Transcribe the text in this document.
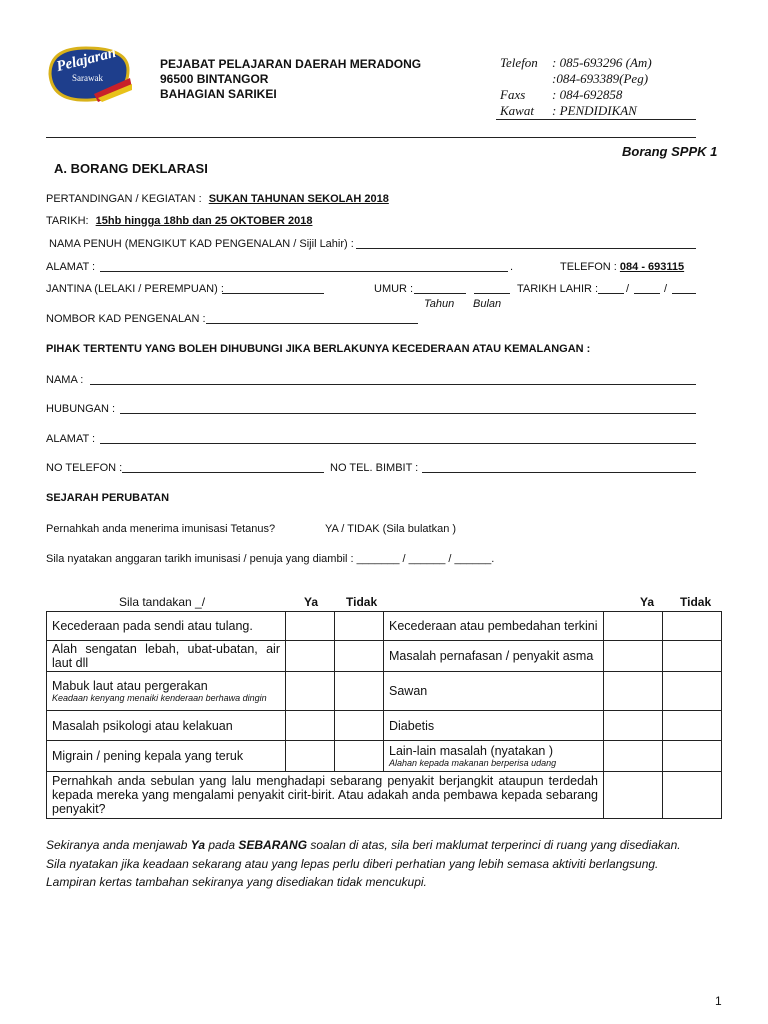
Pelajaran
Sarawak
PEJABAT PELAJARAN DAERAH MERADONG
96500 BINTANGOR
BAHAGIAN SARIKEI
Telefon : 085-693296 (Am)
:084-693389(Peg)
Faxs : 084-692858
Kawat : PENDIDIKAN
Borang SPPK 1
A. BORANG DEKLARASI
PERTANDINGAN / KEGIATAN : SUKAN TAHUNAN SEKOLAH 2018
TARIKH: 15hb hingga 18hb dan 25 OKTOBER 2018
NAMA PENUH (MENGIKUT KAD PENGENALAN / Sijil Lahir) :
ALAMAT :	.	TELEFON : 084 - 693115
JANTINA (LELAKI / PEREMPUAN) :	UMUR :	TARIKH LAHIR :	/	/
Tahun Bulan
NOMBOR KAD PENGENALAN :
PIHAK TERTENTU YANG BOLEH DIHUBUNGI JIKA BERLAKUNYA KECEDERAAN ATAU KEMALANGAN :
NAMA :
HUBUNGAN :
ALAMAT :
NO TELEFON :	NO TEL. BIMBIT :
SEJARAH PERUBATAN
Pernahkah anda menerima imunisasi Tetanus?	YA / TIDAK (Sila bulatkan )
Sila nyatakan anggaran tarikh imunisasi / penuja yang diambil : _______ / ______ / ______.
Sila tandakan _/	Ya Tidak	Ya Tidak
Kecederaan pada sendi atau tulang.			Kecederaan atau pembedahan terkini		
Alah sengatan lebah, ubat-ubatan, air laut dll			Masalah pernafasan / penyakit asma		
Mabuk laut atau pergerakan
Keadaan kenyang menaiki kenderaan berhawa dingin			Sawan		
Masalah psikologi atau kelakuan			Diabetis		
Migrain / pening kepala yang teruk			Lain-lain masalah (nyatakan )
Alahan kepada makanan berperisa udang		

Pernahkah anda sebulan yang lalu menghadapi sebarang penyakit berjangkit ataupun terdedah kepada mereka yang mengalami penyakit cirit-birit. Atau adakah anda pembawa kepada sebarang penyakit?					
Sekiranya anda menjawab Ya pada SEBARANG soalan di atas, sila beri maklumat terperinci di ruang yang disediakan.
Sila nyatakan jika keadaan sekarang atau yang lepas perlu diberi perhatian yang lebih semasa aktiviti berlangsung.
Lampiran kertas tambahan sekiranya yang disediakan tidak mencukupi.
1
